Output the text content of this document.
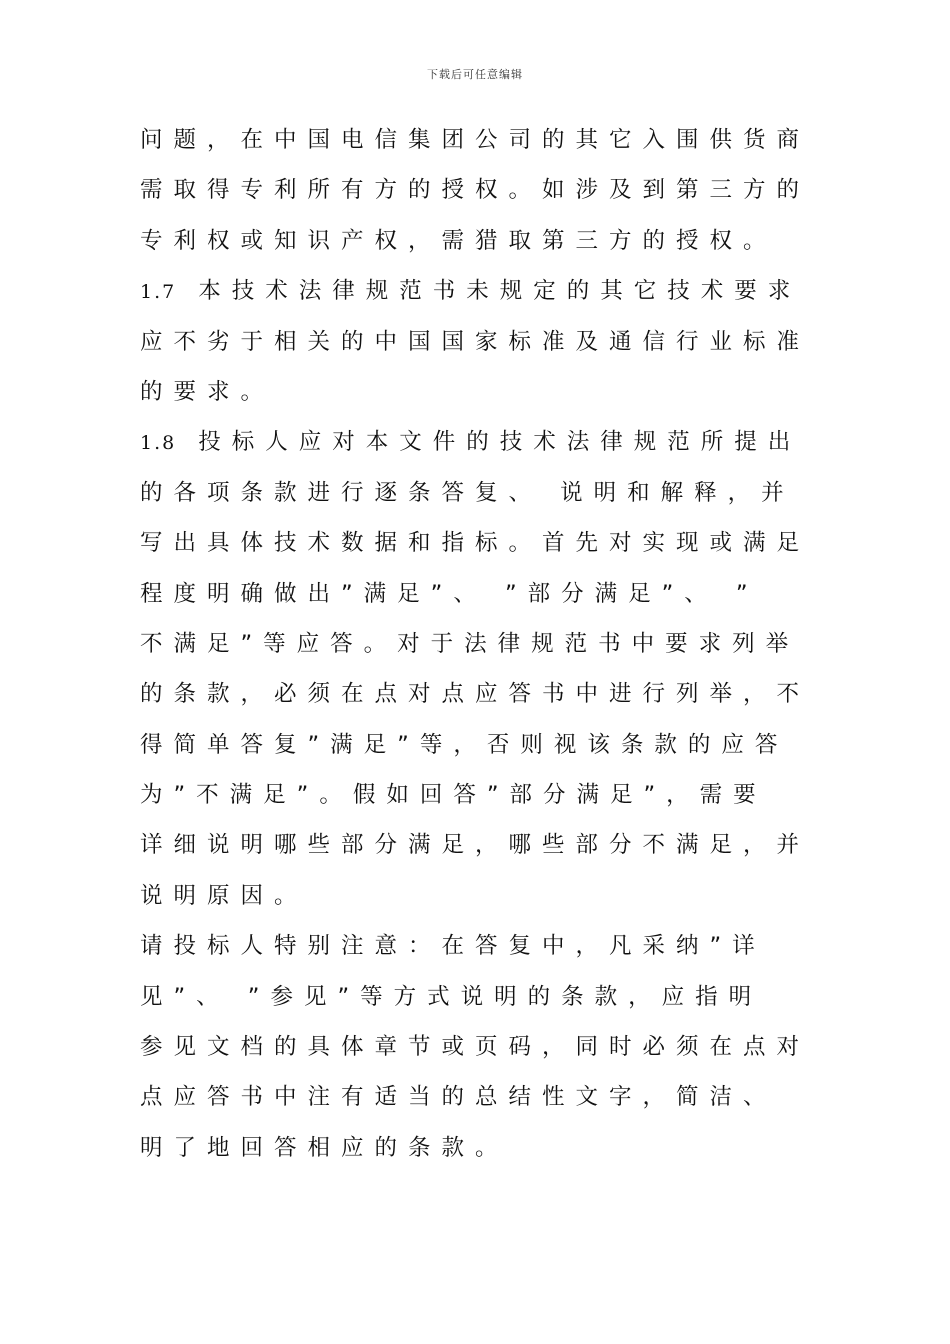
下载后可任意编辑
问题，在中国电信集团公司的其它入围供货商
需取得专利所有方的授权。如涉及到第三方的
专利权或知识产权，需猎取第三方的授权。
1.7 本技术法律规范书未规定的其它技术要求
应不劣于相关的中国国家标准及通信行业标准
的要求。
1.8 投标人应对本文件的技术法律规范所提出
的各项条款进行逐条答复、 说明和解释，并
写出具体技术数据和指标。首先对实现或满足
程度明确做出”满足”、 ”部分满足”、 ”
不满足”等应答。对于法律规范书中要求列举
的条款，必须在点对点应答书中进行列举，不
得简单答复”满足”等，否则视该条款的应答
为”不满足”。假如回答”部分满足”，需要
详细说明哪些部分满足，哪些部分不满足，并
说明原因。
请投标人特别注意：在答复中，凡采纳”详
见”、 ”参见”等方式说明的条款，应指明
参见文档的具体章节或页码，同时必须在点对
点应答书中注有适当的总结性文字，简洁、
明了地回答相应的条款。
